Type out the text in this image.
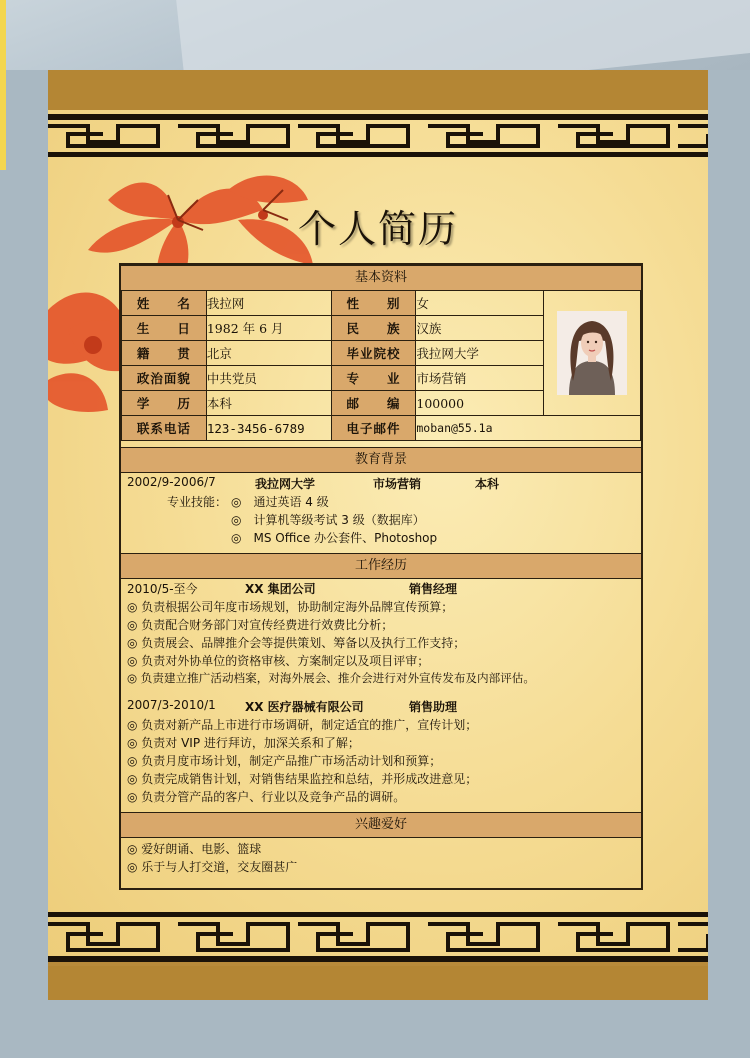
个人简历
基本资料
姓　　名	我拉网	性　　别	女	

生　　日	1982 年 6 月	民　　族	汉族	
籍　　贯	北京	毕业院校	我拉网大学	
政治面貌	中共党员	专　　业	市场营销	
学　　历	本科	邮　　编	100000	
联系电话	123-3456-6789	电子邮件	moban@55.1a	
教育背景
2002/9-2006/7	我拉网大学	市场营销	本科
专业技能： ◎　通过英语 4 级
◎　计算机等级考试 3 级（数据库）
◎　MS Office 办公套件、Photoshop
工作经历
2010/5-至今	XX 集团公司	销售经理
◎ 负责根据公司年度市场规划，协助制定海外品牌宣传预算；
◎ 负责配合财务部门对宣传经费进行效费比分析；
◎ 负责展会、品牌推介会等提供策划、筹备以及执行工作支持；
◎ 负责对外协单位的资格审核、方案制定以及项目评审；
◎ 负责建立推广活动档案，对海外展会、推介会进行对外宣传发布及内部评估。
2007/3-2010/1 XX 医疗器械有限公司	销售助理
◎ 负责对新产品上市进行市场调研，制定适宜的推广，宣传计划；
◎ 负责对 VIP 进行拜访，加深关系和了解；
◎ 负责月度市场计划，制定产品推广市场活动计划和预算；
◎ 负责完成销售计划，对销售结果监控和总结，并形成改进意见；
◎ 负责分管产品的客户、行业以及竞争产品的调研。
兴趣爱好
◎ 爱好朗诵、电影、篮球
◎ 乐于与人打交道，交友圈甚广
